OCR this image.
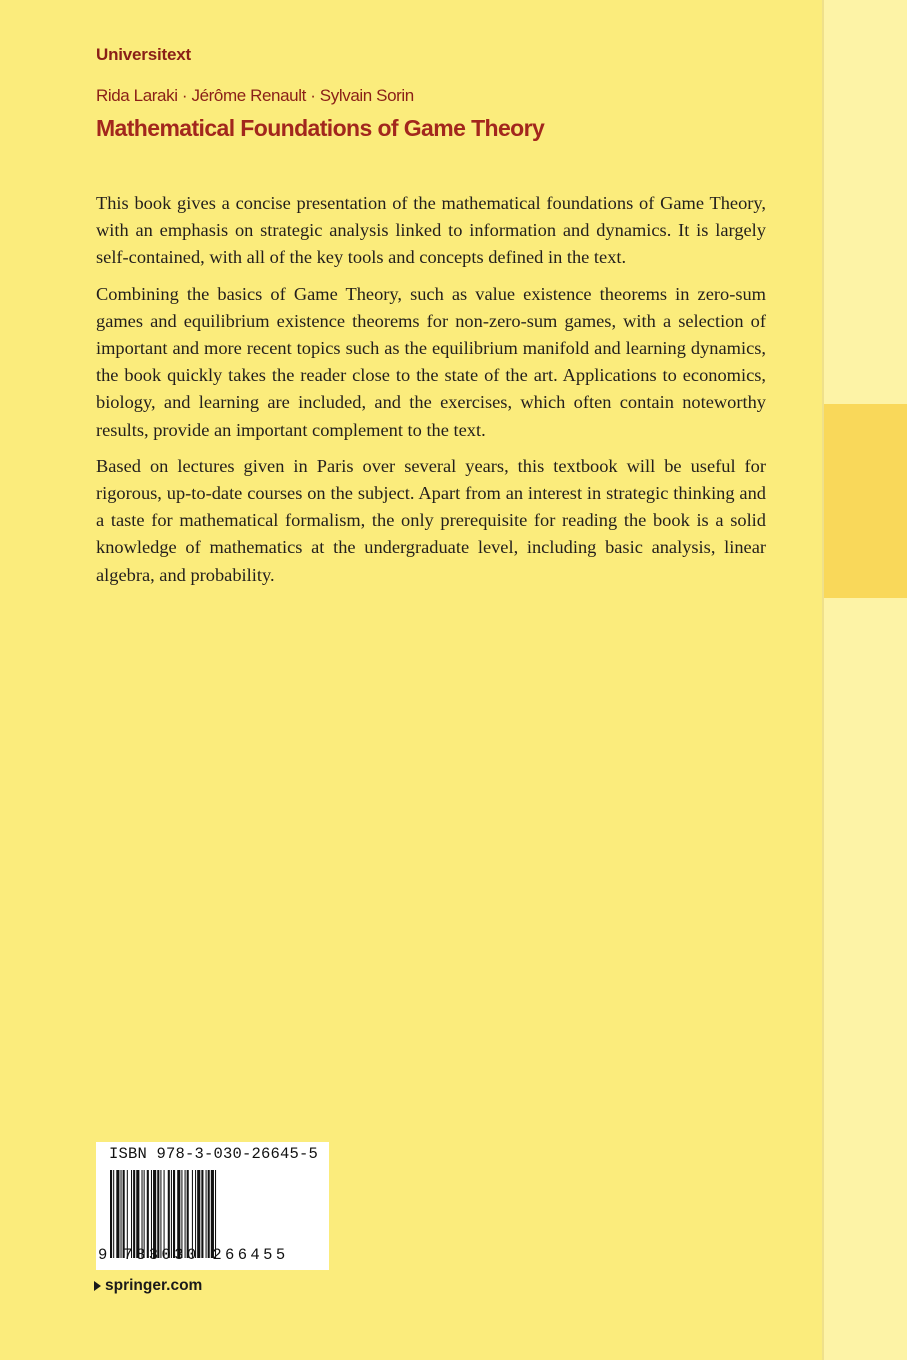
Universitext
Rida Laraki · Jérôme Renault · Sylvain Sorin
Mathematical Foundations of Game Theory

This book gives a concise presentation of the mathematical foundations of Game Theory, with an emphasis on strategic analysis linked to information and dynamics. It is largely self-contained, with all of the key tools and concepts defined in the text.

Combining the basics of Game Theory, such as value existence theorems in zero-sum games and equilibrium existence theorems for non-zero-sum games, with a selection of important and more recent topics such as the equilibrium manifold and learning dynamics, the book quickly takes the reader close to the state of the art. Applications to economics, biology, and learning are included, and the exercises, which often contain noteworthy results, provide an important complement to the text.

Based on lectures given in Paris over several years, this textbook will be useful for rigorous, up-to-date courses on the subject. Apart from an interest in strategic thinking and a taste for mathematical formalism, the only prerequisite for reading the book is a solid knowledge of mathematics at the undergraduate level, including basic analysis, linear algebra, and probability.

ISBN 978-3-030-26645-5
9 783030 266455
springer.com
